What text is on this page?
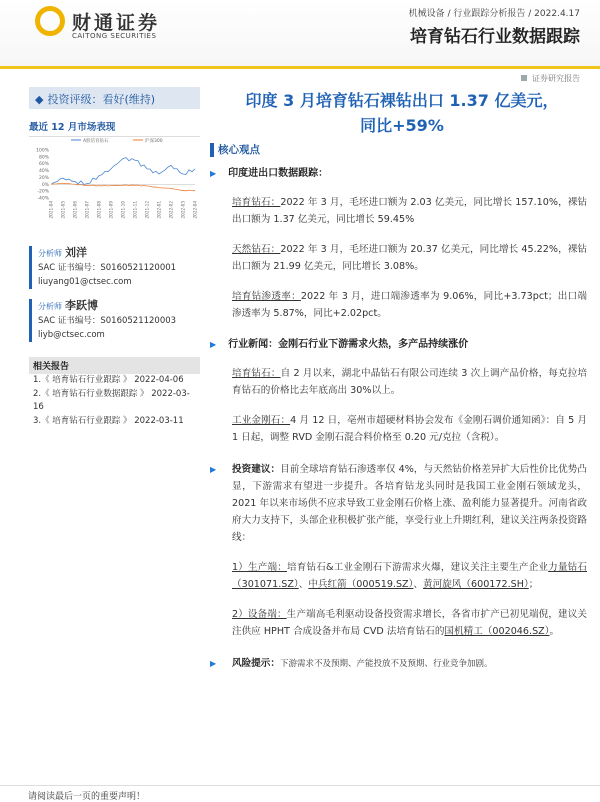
财通证券
CAITONG SECURITIES
机械设备 / 行业跟踪分析报告 / 2022.4.17
培育钻石行业数据跟踪
证券研究报告
◆ 投资评级：看好(维持)	印度 3 月培育钻石裸钻出口 1.37 亿美元，
同比+59%
最近 12 月市场表现
100%
80%
60%
40%
20%
0%
-20%
-40%
2021-04 2021-05 2021-06 2021-07 2021-08 2021-09 2021-10 2021-11 2021-12 2022-01 2022-02 2022-03 2022-04
A股培育钻石	沪深300
分析师 刘洋
SAC 证书编号：S0160521120001
liuyang01@ctsec.com
分析师 李跃博
SAC 证书编号：S0160521120003
liyb@ctsec.com
相关报告
1.《 培育钻石行业跟踪 》 2022-04-06
2.《 培育钻石行业数据跟踪 》 2022-03-16
3.《 培育钻石行业跟踪 》 2022-03-11
核心观点
▶ 印度进出口数据跟踪：
培育钻石：2022 年 3 月，毛坯进口额为 2.03 亿美元，同比增长 157.10%，裸钻出口额为 1.37 亿美元，同比增长 59.45%
天然钻石：2022 年 3 月，毛坯进口额为 20.37 亿美元，同比增长 45.22%，裸钻出口额为 21.99 亿美元，同比增长 3.08%。
培育钻渗透率：2022 年 3 月，进口端渗透率为 9.06%，同比+3.73pct；出口端渗透率为 5.87%，同比+2.02pct。
▶ 行业新闻：金刚石行业下游需求火热，多产品持续涨价
培育钻石：自 2 月以来，湖北中晶钻石有限公司连续 3 次上调产品价格，每克拉培育钻石的价格比去年底高出 30%以上。
工业金刚石：4 月 12 日，亳州市超硬材料协会发布《金刚石调价通知函》：自 5 月 1 日起，调整 RVD 金刚石混合料价格至 0.20 元/克拉（含税）。
▶ 投资建议：目前全球培育钻石渗透率仅 4%，与天然钻价格差异扩大后性价比优势凸显，下游需求有望进一步提升。各培育钻龙头同时是我国工业金刚石领域龙头，2021 年以来市场供不应求导致工业金刚石价格上涨、盈利能力显著提升。河南省政府大力支持下，头部企业积极扩张产能，享受行业上升期红利，建议关注两条投资路线：
1）生产端：培育钻石&工业金刚石下游需求火爆，建议关注主要生产企业力量钻石（301071.SZ）、中兵红箭（000519.SZ）、黄河旋风（600172.SH）；
2）设备端：生产端高毛利驱动设备投资需求增长，各省市扩产已初见端倪，建议关注供应 HPHT 合成设备并布局 CVD 法培育钻石的国机精工（002046.SZ）。
▶ 风险提示：下游需求不及预期、产能投放不及预期、行业竞争加剧。
请阅读最后一页的重要声明！
